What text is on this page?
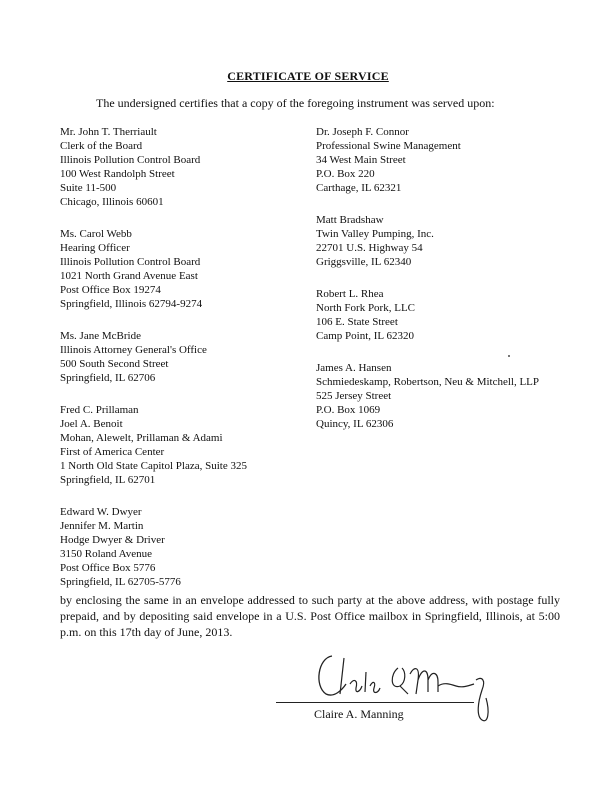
CERTIFICATE OF SERVICE
The undersigned certifies that a copy of the foregoing instrument was served upon:
Mr. John T. Therriault
Clerk of the Board
Illinois Pollution Control Board
100 West Randolph Street
Suite 11-500
Chicago, Illinois 60601
Ms. Carol Webb
Hearing Officer
Illinois Pollution Control Board
1021 North Grand Avenue East
Post Office Box 19274
Springfield, Illinois 62794-9274
Ms. Jane McBride
Illinois Attorney General's Office
500 South Second Street
Springfield, IL 62706
Fred C. Prillaman
Joel A. Benoit
Mohan, Alewelt, Prillaman & Adami
First of America Center
1 North Old State Capitol Plaza, Suite 325
Springfield, IL 62701
Edward W. Dwyer
Jennifer M. Martin
Hodge Dwyer & Driver
3150 Roland Avenue
Post Office Box 5776
Springfield, IL 62705-5776
Dr. Joseph F. Connor
Professional Swine Management
34 West Main Street
P.O. Box 220
Carthage, IL 62321
Matt Bradshaw
Twin Valley Pumping, Inc.
22701 U.S. Highway 54
Griggsville, IL 62340
Robert L. Rhea
North Fork Pork, LLC
106 E. State Street
Camp Point, IL 62320
James A. Hansen
Schmiedeskamp, Robertson, Neu & Mitchell, LLP
525 Jersey Street
P.O. Box 1069
Quincy, IL 62306
by enclosing the same in an envelope addressed to such party at the above address, with postage fully prepaid, and by depositing said envelope in a U.S. Post Office mailbox in Springfield, Illinois, at 5:00 p.m. on this 17th day of June, 2013.
Claire A. Manning
